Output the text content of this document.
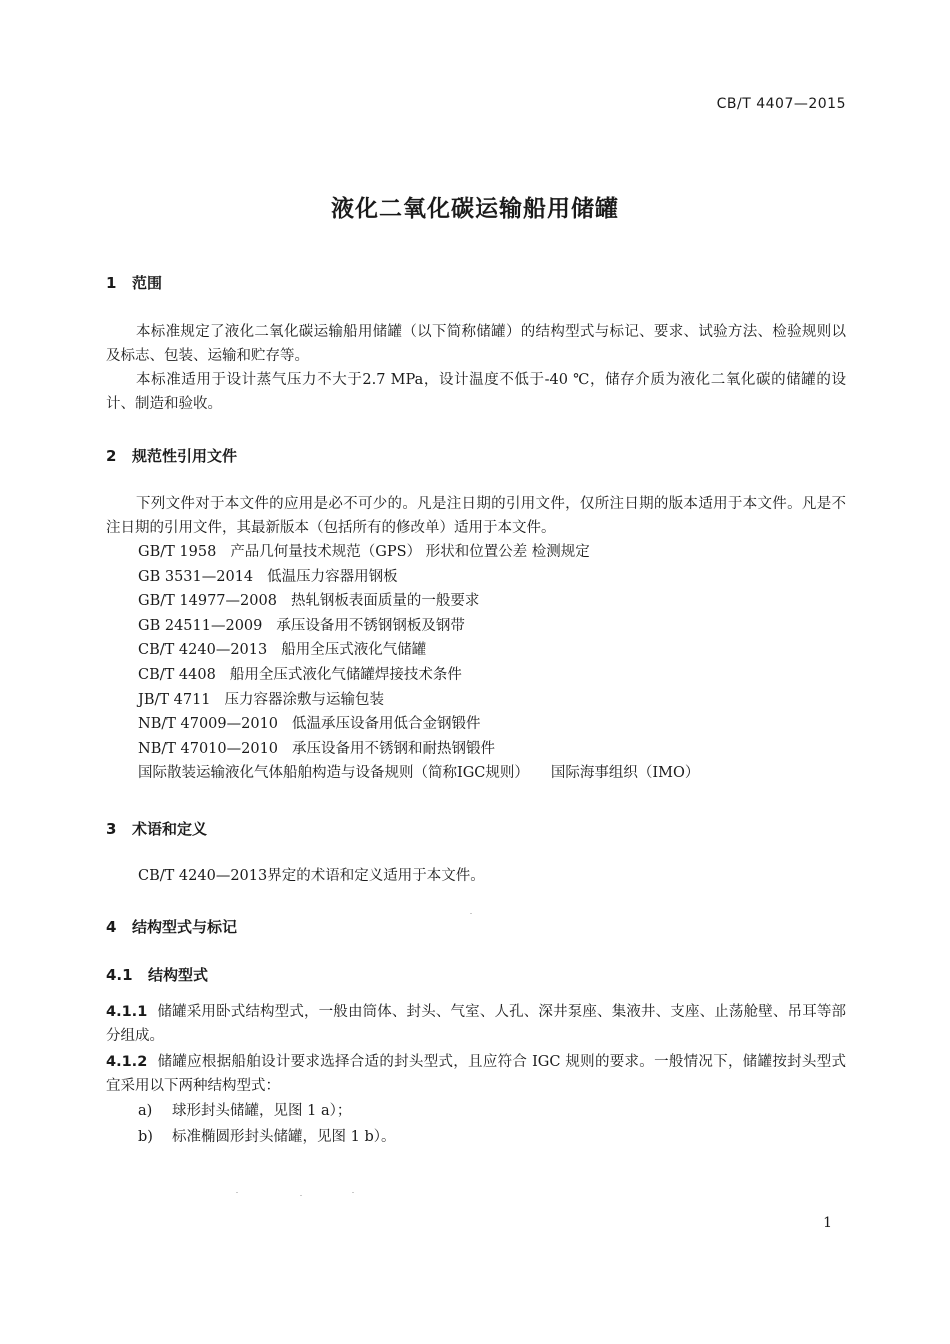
CB/T 4407—2015
液化二氧化碳运输船用储罐
1 范围
本标准规定了液化二氧化碳运输船用储罐（以下简称储罐）的结构型式与标记、要求、试验方法、检验规则以及标志、包装、运输和贮存等。
本标准适用于设计蒸气压力不大于2.7 MPa，设计温度不低于-40 ℃，储存介质为液化二氧化碳的储罐的设计、制造和验收。
2 规范性引用文件
下列文件对于本文件的应用是必不可少的。凡是注日期的引用文件，仅所注日期的版本适用于本文件。凡是不注日期的引用文件，其最新版本（包括所有的修改单）适用于本文件。
GB/T 1958 产品几何量技术规范（GPS） 形状和位置公差 检测规定
GB 3531—2014 低温压力容器用钢板
GB/T 14977—2008 热轧钢板表面质量的一般要求
GB 24511—2009 承压设备用不锈钢钢板及钢带
CB/T 4240—2013 船用全压式液化气储罐
CB/T 4408 船用全压式液化气储罐焊接技术条件
JB/T 4711 压力容器涂敷与运输包装
NB/T 47009—2010 低温承压设备用低合金钢锻件
NB/T 47010—2010 承压设备用不锈钢和耐热钢锻件
国际散装运输液化气体船舶构造与设备规则（简称IGC规则） 国际海事组织（IMO）
3 术语和定义
CB/T 4240—2013界定的术语和定义适用于本文件。
4 结构型式与标记
4.1 结构型式
4.1.1 储罐采用卧式结构型式，一般由筒体、封头、气室、人孔、深井泵座、集液井、支座、止荡舱壁、吊耳等部分组成。
4.1.2 储罐应根据船舶设计要求选择合适的封头型式，且应符合 IGC 规则的要求。一般情况下，储罐按封头型式宜采用以下两种结构型式：
a) 球形封头储罐，见图 1 a）；
b) 标准椭圆形封头储罐，见图 1 b）。
1
